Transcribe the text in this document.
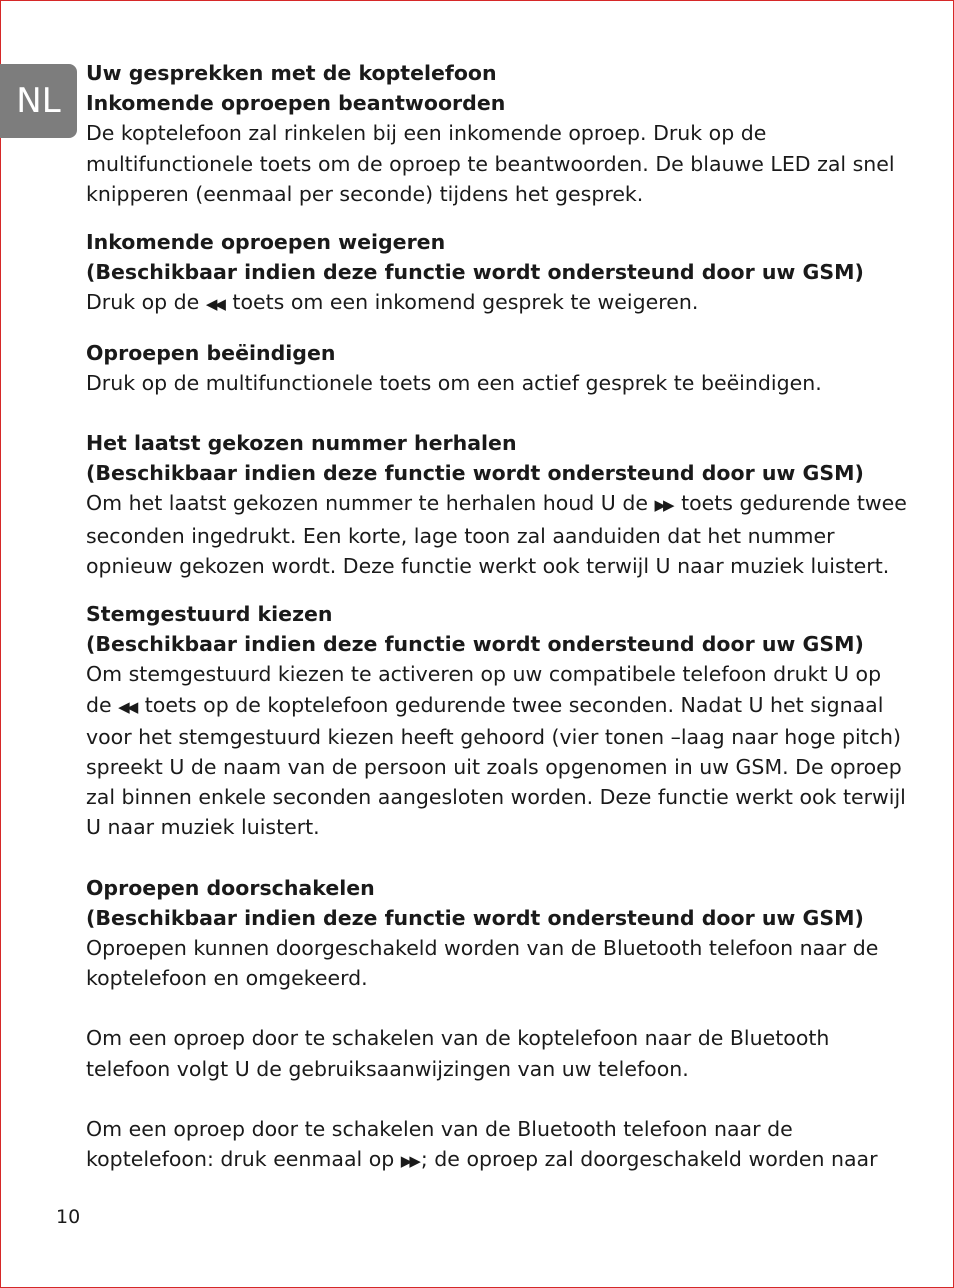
NL
Uw gesprekken met de koptelefoon
Inkomende oproepen beantwoorden
De koptelefoon zal rinkelen bij een inkomende oproep. Druk op de multifunctionele toets om de oproep te beantwoorden. De blauwe LED zal snel knipperen (eenmaal per seconde) tijdens het gesprek.
Inkomende oproepen weigeren
(Beschikbaar indien deze functie wordt ondersteund door uw GSM)
Druk op de ◀◀ toets om een inkomend gesprek te weigeren.
Oproepen beëindigen
Druk op de multifunctionele toets om een actief gesprek te beëindigen.
Het laatst gekozen nummer herhalen
(Beschikbaar indien deze functie wordt ondersteund door uw GSM)
Om het laatst gekozen nummer te herhalen houd U de ▶▶ toets gedurende twee seconden ingedrukt. Een korte, lage toon zal aanduiden dat het nummer opnieuw gekozen wordt. Deze functie werkt ook terwijl U naar muziek luistert.
Stemgestuurd kiezen
(Beschikbaar indien deze functie wordt ondersteund door uw GSM)
Om stemgestuurd kiezen te activeren op uw compatibele telefoon drukt U op de ◀◀ toets op de koptelefoon gedurende twee seconden. Nadat U het signaal voor het stemgestuurd kiezen heeft gehoord (vier tonen –laag naar hoge pitch) spreekt U de naam van de persoon uit zoals opgenomen in uw GSM. De oproep zal binnen enkele seconden aangesloten worden. Deze functie werkt ook terwijl U naar muziek luistert.
Oproepen doorschakelen
(Beschikbaar indien deze functie wordt ondersteund door uw GSM)
Oproepen kunnen doorgeschakeld worden van de Bluetooth telefoon naar de koptelefoon en omgekeerd.
Om een oproep door te schakelen van de koptelefoon naar de Bluetooth telefoon volgt U de gebruiksaanwijzingen van uw telefoon.
Om een oproep door te schakelen van de Bluetooth telefoon naar de koptelefoon: druk eenmaal op ▶▶ ; de oproep zal doorgeschakeld worden naar
10
